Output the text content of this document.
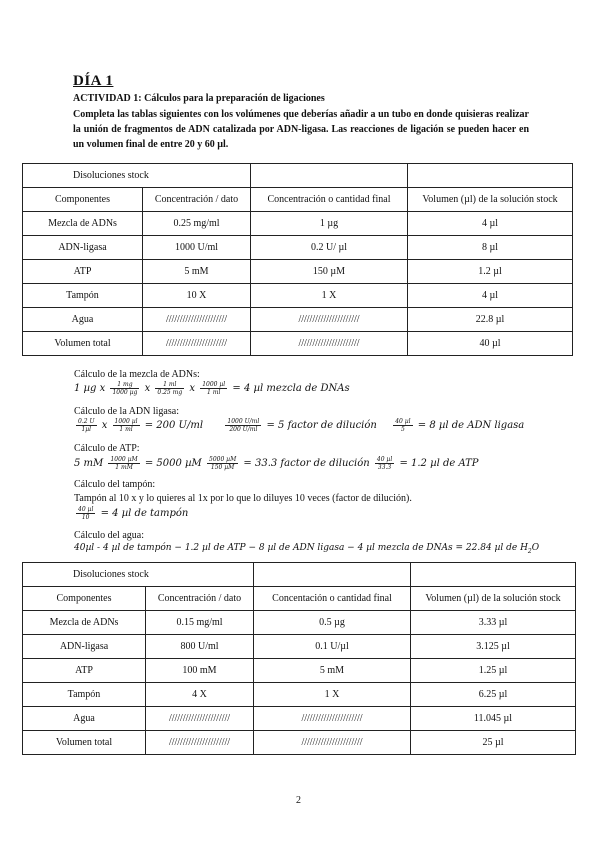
DÍA 1
ACTIVIDAD 1: Cálculos para la preparación de ligaciones
Completa las tablas siguientes con los volúmenes que deberías añadir a un tubo en donde quisieras realizar la unión de fragmentos de ADN catalizada por ADN-ligasa. Las reacciones de ligación se pueden hacer en un volumen final de entre 20 y 60 µl.
Disoluciones stock			
Componentes	Concentración / dato	Concentración o cantidad final	Volumen (µl) de la solución stock
Mezcla de ADNs	0.25 mg/ml	1 µg	4 µl
ADN-ligasa	1000 U/ml	0.2 U/ µl	8 µl
ATP	5 mM	150 µM	1.2 µl
Tampón	10 X	1 X	4 µl
Agua	//////////////////////	//////////////////////	22.8 µl
Volumen total	//////////////////////	//////////////////////	40 µl
Cálculo de la mezcla de ADNs:
1 µg x $\frac{1 mg}{\text{1000 µg}}$ x $\frac{1 ml}{0.25 mg}$ x $\frac{\text{1000 µl}}{1 ml} = 4$ µl mezcla de DNAs
Cálculo de la ADN ligasa:
$\frac{0.2 U}{\text{1µl}}$ x $\frac{\text{1000 µl}}{1 ml} = 200$ U/ml	$\frac{1000 U/ml}{200 U/ml} = 5$ factor de dilución	$\frac{\text{40 µl}}{5} = 8$ µl de ADN ligasa
Cálculo de ATP:
5 mM $\frac{\text{1000 µM}}{1 mM} = 5000$ µM $\frac{\text{5000 µM}}{\text{150 µM}} = 33.3$ factor de dilución $\frac{\text{40 µl}}{33.3} = 1.2$ µl de ATP
Cálculo del tampón:
Tampón al 10 x y lo quieres al 1x por lo que lo diluyes 10 veces (factor de dilución).
$\frac{\text{40 µl}}{10} = 4$ µl de tampón
Cálculo del agua:
40µl - 4 µl de tampón − 1.2 µl de ATP − 8 µl de ADN ligasa − 4 µl mezcla de DNAs = 22.84 µl de $H_2O$
Disoluciones stock			
Componentes	Concentración / dato	Concentación o cantidad final	Volumen (µl) de la solución stock
Mezcla de ADNs	0.15 mg/ml	0.5 µg	3.33 µl
ADN-ligasa	800 U/ml	0.1 U/µl	3.125 µl
ATP	100 mM	5 mM	1.25 µl
Tampón	4 X	1 X	6.25 µl
Agua	//////////////////////	//////////////////////	11.045 µl
Volumen total	//////////////////////	//////////////////////	25 µl
2
